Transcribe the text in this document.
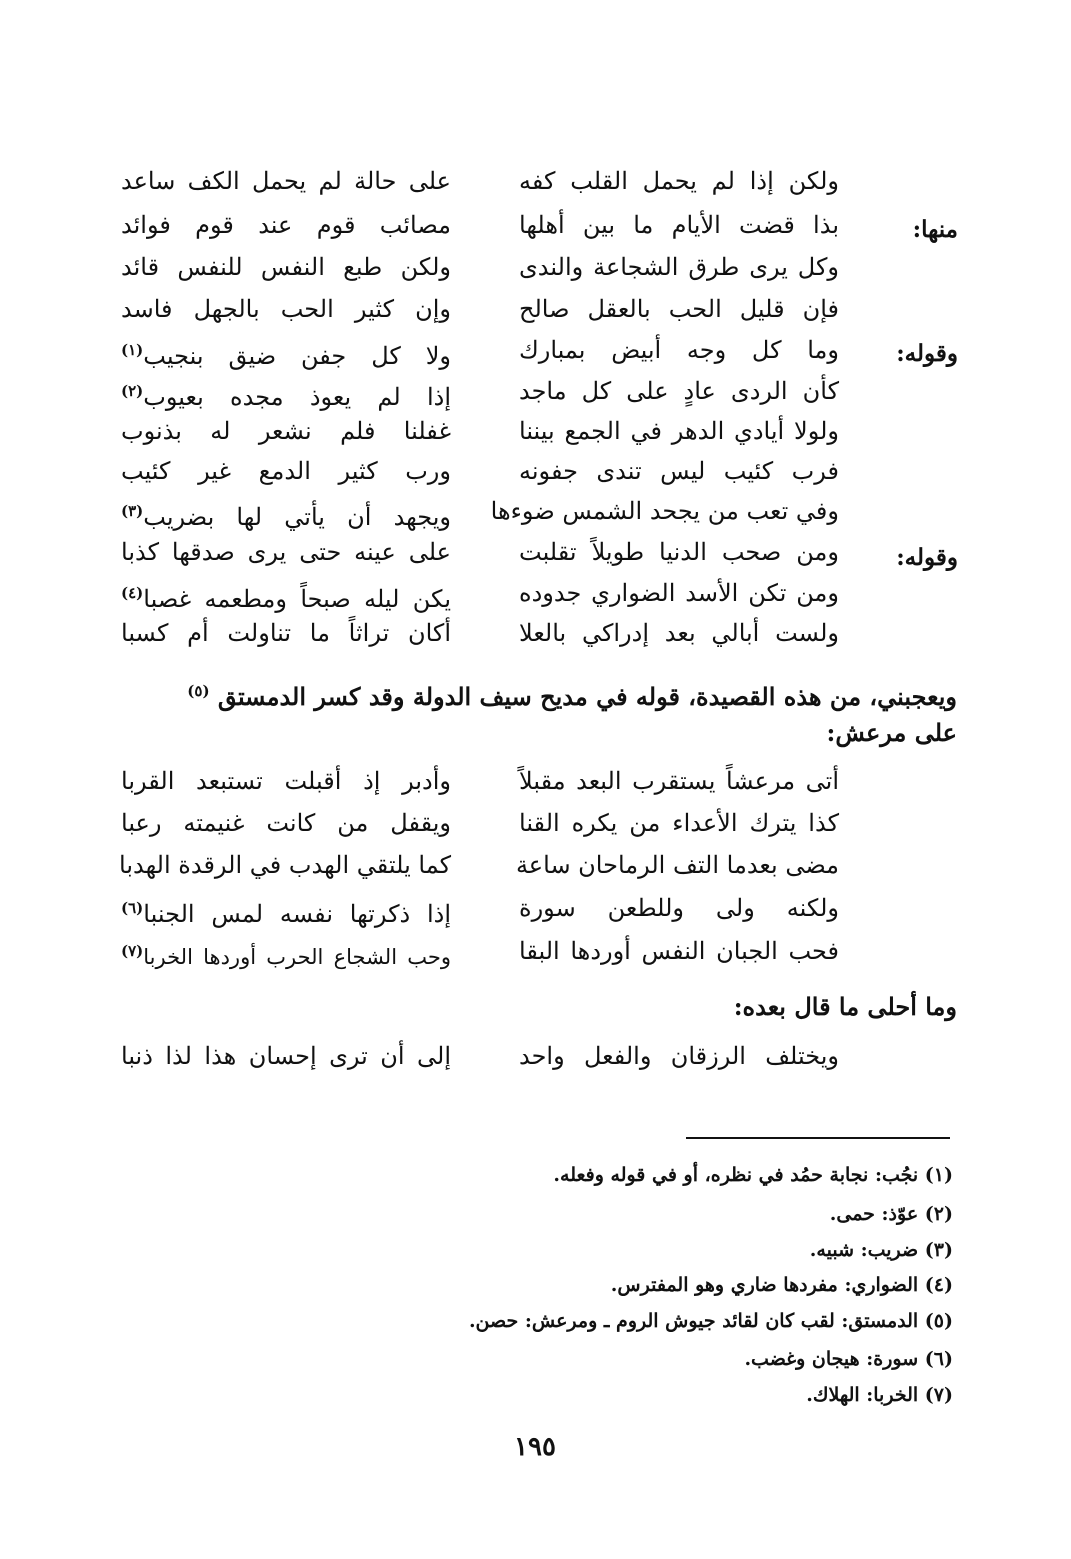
منها:
وقوله:
وقوله:
ولكن إذا لم يحمل القلب كفه
على حالة لم يحمل الكف ساعد
بذا قضت الأيام ما بين أهلها
مصائب قوم عند قوم فوائد
وكل يرى طرق الشجاعة والندى
ولكن طبع النفس للنفس قائد
فإن قليل الحب بالعقل صالح
وإن كثير الحب بالجهل فاسد
وما كل وجه أبيض بمبارك
ولا كل جفن ضيق بنجيب$^{(١)}$
كأن الردى عادٍ على كل ماجد
إذا لم يعوذ مجده بعيوب$^{(٢)}$
ولولا أيادي الدهر في الجمع بيننا
غفلنا فلم نشعر له بذنوب
فرب كئيب ليس تندى جفونه
ورب كثير الدمع غير كئيب
وفي تعب من يجحد الشمس ضوءها
ويجهد أن يأتي لها بضريب$^{(٣)}$
ومن صحب الدنيا طويلاً تقلبت
على عينه حتى يرى صدقها كذبا
ومن تكن الأسد الضواري جدوده
يكن ليله صبحاً ومطعمه غصبا$^{(٤)}$
ولست أبالي بعد إدراكي بالعلا
أكان تراثاً ما تناولت أم كسبا
ويعجبني، من هذه القصيدة، قوله في مديح سيف الدولة وقد كسر الدمستق $^{(٥)}$
على مرعش:
أتى مرعشاً يستقرب البعد مقبلاً
وأدبر إذ أقبلت تستبعد القربا
كذا يترك الأعداء من يكره القنا
ويقفل من كانت غنيمته رعبا
مضى بعدما التف الرماحان ساعة
كما يلتقي الهدب في الرقدة الهدبا
ولكنه ولى وللطعن سورة
إذا ذكرتها نفسه لمس الجنبا$^{(٦)}$
فحب الجبان النفس أوردها البقا
وحب الشجاع الحرب أوردها الخربا$^{(٧)}$
وما أحلى ما قال بعده:
ويختلف الرزقان والفعل واحد
إلى أن ترى إحسان هذا لذا ذنبا
(١) نجُب: نجابة حمُد في نظره، أو في قوله وفعله.
(٢) عوّذ: حمى.
(٣) ضريب: شبيه.
(٤) الضواري: مفردها ضاري وهو المفترس.
(٥) الدمستق: لقب كان لقائد جيوش الروم ـ ومرعش: حصن.
(٦) سورة: هيجان وغضب.
(٧) الخربا: الهلاك.
١٩٥
